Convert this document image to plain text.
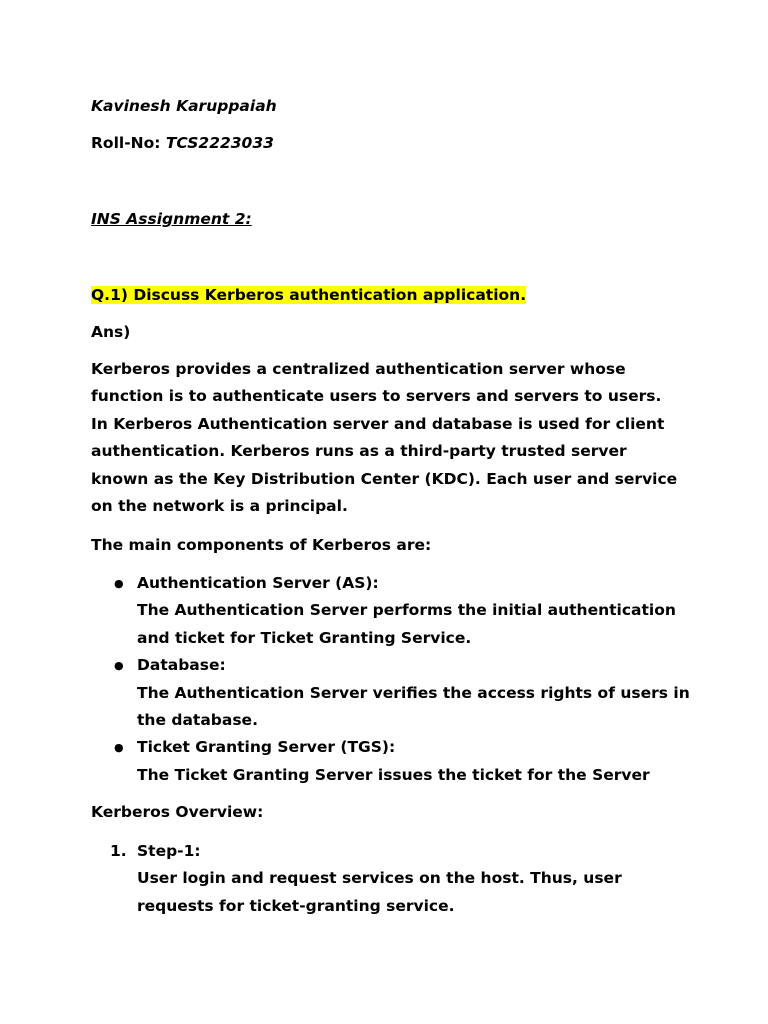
Kavinesh Karuppaiah

Roll-No: TCS2223033

INS Assignment 2:

Q.1) Discuss Kerberos authentication application.

Ans)

Kerberos provides a centralized authentication server whose function is to authenticate users to servers and servers to users. In Kerberos Authentication server and database is used for client authentication. Kerberos runs as a third-party trusted server known as the Key Distribution Center (KDC). Each user and service on the network is a principal.

The main components of Kerberos are:

● Authentication Server (AS):
The Authentication Server performs the initial authentication and ticket for Ticket Granting Service.
● Database:
The Authentication Server verifies the access rights of users in the database.
● Ticket Granting Server (TGS):
The Ticket Granting Server issues the ticket for the Server

Kerberos Overview:

1. Step-1:
User login and request services on the host. Thus, user requests for ticket-granting service.
